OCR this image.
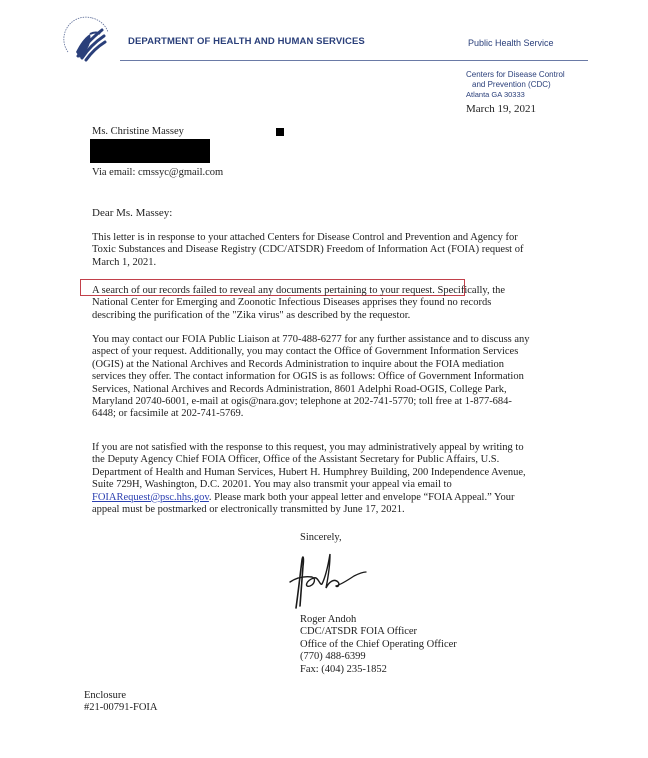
DEPARTMENT OF HEALTH AND HUMAN SERVICES	Public Health Service
Centers for Disease Control
and Prevention (CDC)
Atlanta GA 30333
March 19, 2021
Ms. Christine Massey
Via email: cmssyc@gmail.com
Dear Ms. Massey:
This letter is in response to your attached Centers for Disease Control and Prevention and Agency for
Toxic Substances and Disease Registry (CDC/ATSDR) Freedom of Information Act (FOIA) request of
March 1, 2021.
A search of our records failed to reveal any documents pertaining to your request. Specifically, the
National Center for Emerging and Zoonotic Infectious Diseases apprises they found no records
describing the purification of the "Zika virus" as described by the requestor.
You may contact our FOIA Public Liaison at 770-488-6277 for any further assistance and to discuss any
aspect of your request. Additionally, you may contact the Office of Government Information Services
(OGIS) at the National Archives and Records Administration to inquire about the FOIA mediation
services they offer. The contact information for OGIS is as follows: Office of Government Information
Services, National Archives and Records Administration, 8601 Adelphi Road-OGIS, College Park,
Maryland 20740-6001, e-mail at ogis@nara.gov; telephone at 202-741-5770; toll free at 1-877-684-
6448; or facsimile at 202-741-5769.
If you are not satisfied with the response to this request, you may administratively appeal by writing to
the Deputy Agency Chief FOIA Officer, Office of the Assistant Secretary for Public Affairs, U.S.
Department of Health and Human Services, Hubert H. Humphrey Building, 200 Independence Avenue,
Suite 729H, Washington, D.C. 20201. You may also transmit your appeal via email to
FOIARequest@psc.hhs.gov. Please mark both your appeal letter and envelope “FOIA Appeal.” Your
appeal must be postmarked or electronically transmitted by June 17, 2021.
Sincerely,
Roger Andoh
CDC/ATSDR FOIA Officer
Office of the Chief Operating Officer
(770) 488-6399
Fax: (404) 235-1852
Enclosure
#21-00791-FOIA
